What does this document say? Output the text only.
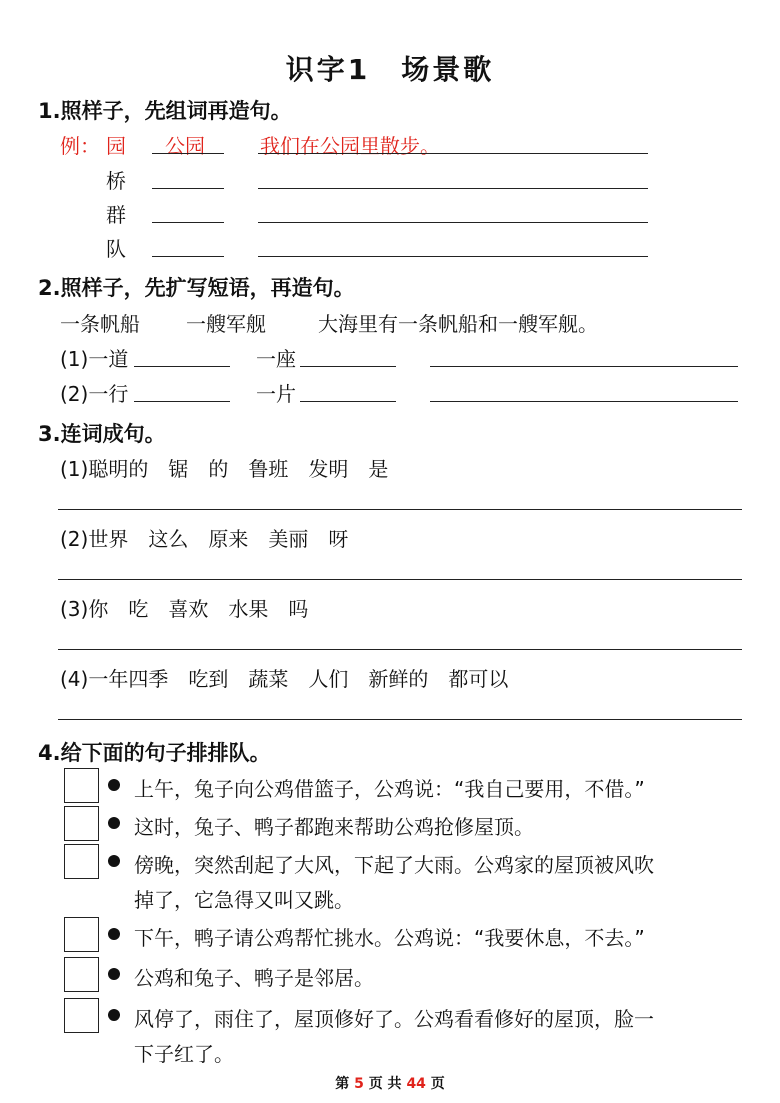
识字1　场景歌
1.照样子，先组词再造句。
例： 园 公园	我们在公园里散步。
桥
群
队
2.照样子，先扩写短语，再造句。
一条帆船 一艘军舰	大海里有一条帆船和一艘军舰。
(1)一道	一座
(2)一行	一片
3.连词成句。
(1)聪明的　锯　的　鲁班　发明　是
(2)世界　这么　原来　美丽　呀
(3)你　吃　喜欢　水果　吗
(4)一年四季　吃到　蔬菜　人们　新鲜的　都可以
4.给下面的句子排排队。
上午，兔子向公鸡借篮子，公鸡说：“我自己要用，不借。”
这时，兔子、鸭子都跑来帮助公鸡抢修屋顶。
傍晚，突然刮起了大风，下起了大雨。公鸡家的屋顶被风吹
掉了，它急得又叫又跳。
下午，鸭子请公鸡帮忙挑水。公鸡说：“我要休息，不去。”
公鸡和兔子、鸭子是邻居。
风停了，雨住了，屋顶修好了。公鸡看看修好的屋顶，脸一
下子红了。
第 5 页 共 44 页
